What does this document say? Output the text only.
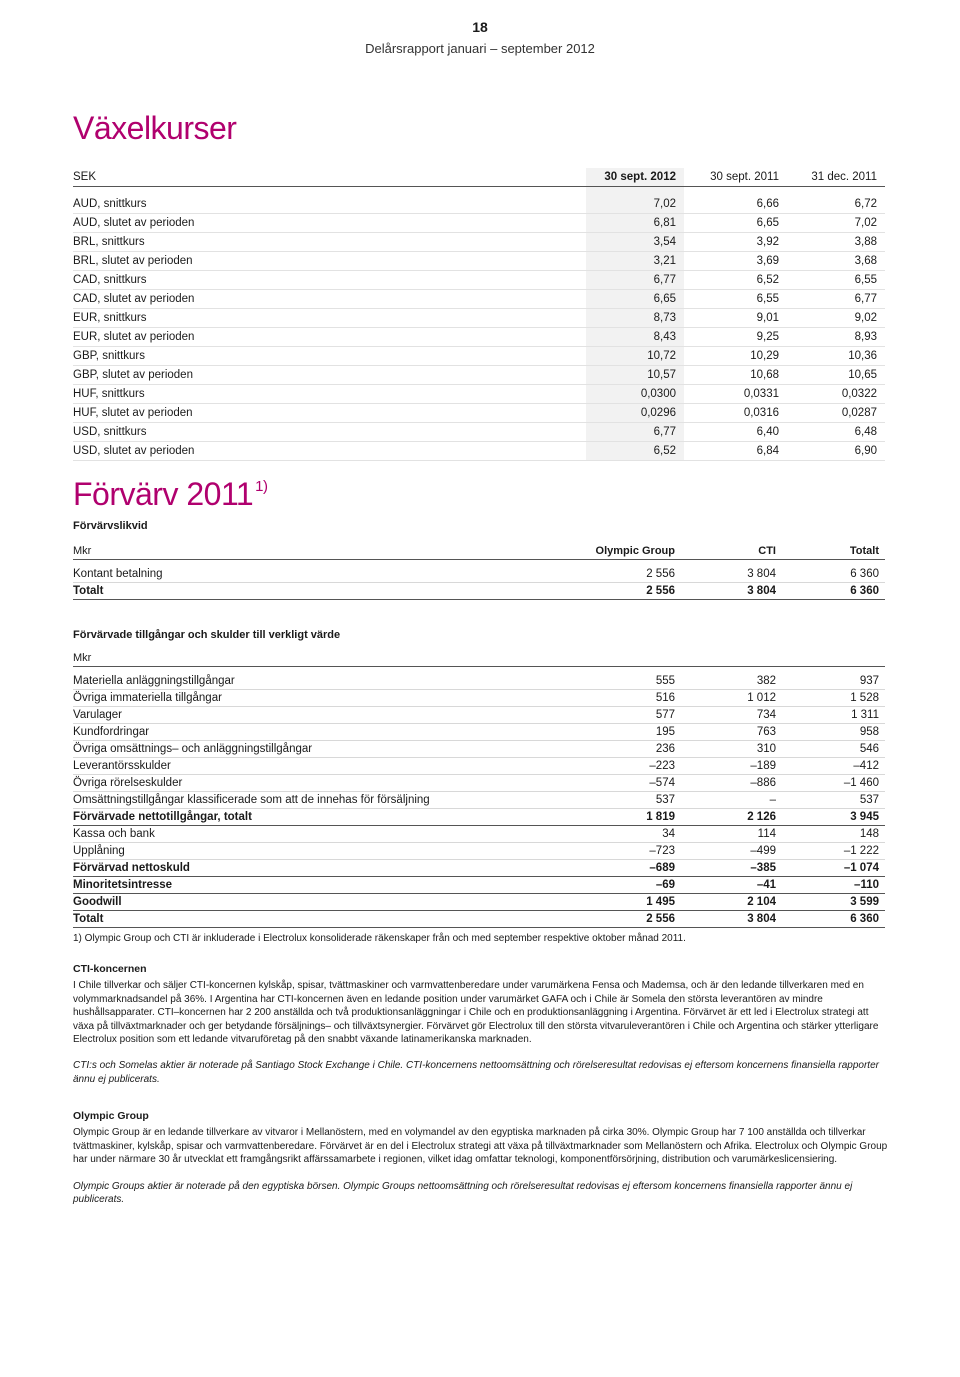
18
Delårsrapport januari – september 2012
Växelkurser
SEK	30 sept. 2012	30 sept. 2011	31 dec. 2011

AUD, snittkurs	7,02	6,66	6,72
AUD, slutet av perioden	6,81	6,65	7,02
BRL, snittkurs	3,54	3,92	3,88
BRL, slutet av perioden	3,21	3,69	3,68
CAD, snittkurs	6,77	6,52	6,55
CAD, slutet av perioden	6,65	6,55	6,77
EUR, snittkurs	8,73	9,01	9,02
EUR, slutet av perioden	8,43	9,25	8,93
GBP, snittkurs	10,72	10,29	10,36
GBP, slutet av perioden	10,57	10,68	10,65
HUF, snittkurs	0,0300	0,0331	0,0322
HUF, slutet av perioden	0,0296	0,0316	0,0287
USD, snittkurs	6,77	6,40	6,48
USD, slutet av perioden	6,52	6,84	6,90
Förvärv 2011 $^{1)}$
Förvärvslikvid
Mkr	Olympic Group	CTI	Totalt

Kontant betalning	2 556	3 804	6 360
Totalt	2 556	3 804	6 360
Förvärvade tillgångar och skulder till verkligt värde
Mkr			

Materiella anläggningstillgångar	555	382	937
Övriga immateriella tillgångar	516	1 012	1 528
Varulager	577	734	1 311
Kundfordringar	195	763	958
Övriga omsättnings– och anläggningstillgångar	236	310	546
Leverantörsskulder	–223	–189	–412
Övriga rörelseskulder	–574	–886	–1 460
Omsättningstillgångar klassificerade som att de innehas för försäljning	537	–	537
Förvärvade nettotillgångar, totalt	1 819	2 126	3 945
Kassa och bank	34	114	148
Upplåning	–723	–499	–1 222
Förvärvad nettoskuld	–689	–385	–1 074
Minoritetsintresse	–69	–41	–110
Goodwill	1 495	2 104	3 599
Totalt	2 556	3 804	6 360
1) Olympic Group och CTI är inkluderade i Electrolux konsoliderade räkenskaper från och med september respektive oktober månad 2011.
CTI-koncernen

I Chile tillverkar och säljer CTI-koncernen kylskåp, spisar, tvättmaskiner och varmvattenberedare under varumärkena Fensa och Mademsa, och är den ledande tillverkaren med en volymmarknadsandel på 36%. I Argentina har CTI-koncernen även en ledande position under varumärket GAFA och i Chile är Somela den största leverantören av mindre hushållsapparater. CTI–koncernen har 2 200 anställda och två produktionsanläggningar i Chile och en produktionsanläggning i Argentina. Förvärvet är ett led i Electrolux strategi att växa på tillväxtmarknader och ger betydande försäljnings– och tillväxtsynergier. Förvärvet gör Electrolux till den största vitvaruleverantören i Chile och Argentina och stärker ytterligare Electrolux position som ett ledande vitvaruföretag på den snabbt växande latinamerikanska marknaden.

CTI:s och Somelas aktier är noterade på Santiago Stock Exchange i Chile. CTI-koncernens nettoomsättning och rörelseresultat redovisas ej eftersom koncernens finansiella rapporter ännu ej publicerats.

Olympic Group

Olympic Group är en ledande tillverkare av vitvaror i Mellanöstern, med en volymandel av den egyptiska marknaden på cirka 30%. Olympic Group har 7 100 anställda och tillverkar tvättmaskiner, kylskåp, spisar och varmvattenberedare. Förvärvet är en del i Electrolux strategi att växa på tillväxtmarknader som Mellanöstern och Afrika. Electrolux och Olympic Group har under närmare 30 år utvecklat ett framgångsrikt affärssamarbete i regionen, vilket idag omfattar teknologi, komponentförsörjning, distribution och varumärkeslicensiering.

Olympic Groups aktier är noterade på den egyptiska börsen. Olympic Groups nettoomsättning och rörelseresultat redovisas ej eftersom koncernens finansiella rapporter ännu ej publicerats.
